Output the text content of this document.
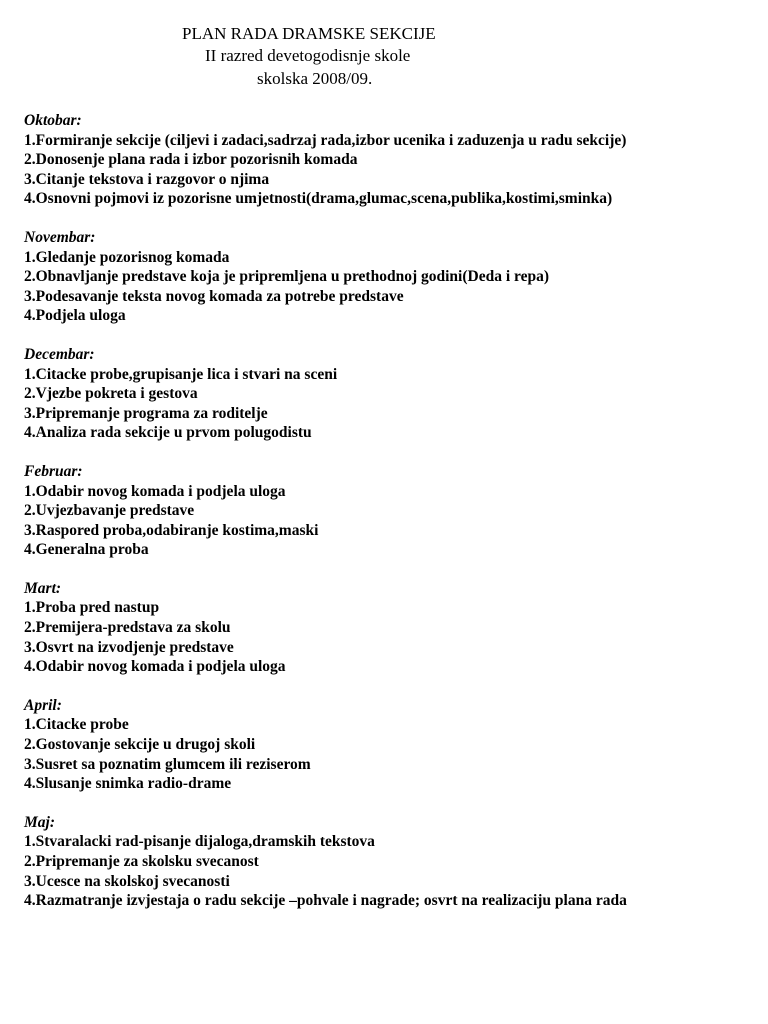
PLAN RADA DRAMSKE SEKCIJE
II razred devetogodisnje skole
skolska 2008/09.
Oktobar:
1.Formiranje sekcije (ciljevi i zadaci,sadrzaj rada,izbor ucenika i zaduzenja u radu sekcije)
2.Donosenje plana rada i izbor pozorisnih komada
3.Citanje tekstova i razgovor o njima
4.Osnovni pojmovi iz pozorisne umjetnosti(drama,glumac,scena,publika,kostimi,sminka)
Novembar:
1.Gledanje pozorisnog komada
2.Obnavljanje predstave koja je pripremljena u prethodnoj godini(Deda i repa)
3.Podesavanje teksta novog komada za potrebe predstave
4.Podjela uloga
Decembar:
1.Citacke probe,grupisanje lica i stvari na sceni
2.Vjezbe pokreta i gestova
3.Pripremanje programa za roditelje
4.Analiza rada sekcije u prvom polugodistu
Februar:
1.Odabir novog komada i podjela uloga
2.Uvjezbavanje predstave
3.Raspored proba,odabiranje kostima,maski
4.Generalna proba
Mart:
1.Proba pred nastup
2.Premijera-predstava za skolu
3.Osvrt na izvodjenje predstave
4.Odabir novog komada i podjela uloga
April:
1.Citacke probe
2.Gostovanje sekcije u drugoj skoli
3.Susret sa poznatim glumcem ili reziserom
4.Slusanje snimka radio-drame
Maj:
1.Stvaralacki rad-pisanje dijaloga,dramskih tekstova
2.Pripremanje za skolsku svecanost
3.Ucesce na skolskoj svecanosti
4.Razmatranje izvjestaja o radu sekcije –pohvale i nagrade; osvrt na realizaciju plana rada
